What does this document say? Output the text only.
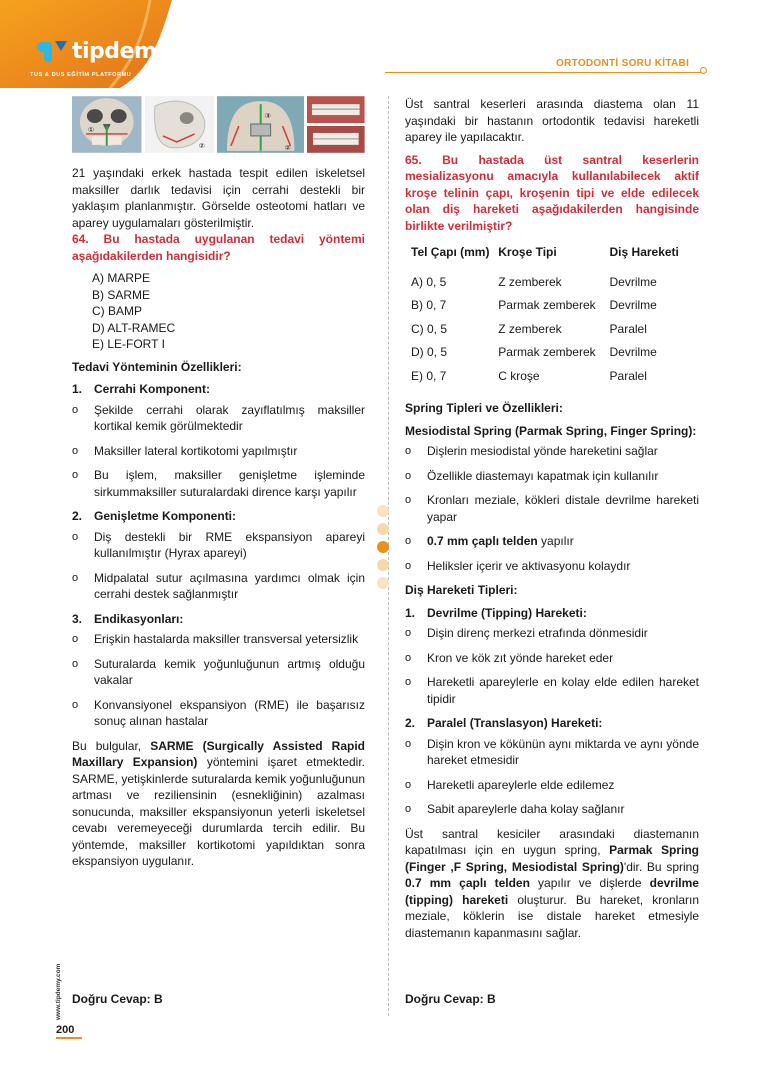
tipdemy
TUS & DUS EĞİTİM PLATFORMU
ORTODONTİ SORU KİTABI
①
②
③
②

21 yaşındaki erkek hastada tespit edilen iskeletsel maksiller darlık tedavisi için cerrahi destekli bir yaklaşım planlanmıştır. Görselde osteotomi hatları ve aparey uygulamaları gösterilmiştir.

64. Bu hastada uygulanan tedavi yöntemi aşağıdakilerden hangisidir?

A) MARPE
B) SARME
C) BAMP
D) ALT-RAMEC
E) LE-FORT I
Tedavi Yönteminin Özellikleri:
1. Cerrahi Komponent:
o	Şekilde cerrahi olarak zayıflatılmış maksiller kortikal kemik görülmektedir
o	Maksiller lateral kortikotomi yapılmıştır
o	Bu işlem, maksiller genişletme işleminde sirkummaksiller suturalardaki dirence karşı yapılır
2. Genişletme Komponenti:
o	Diş destekli bir RME ekspansiyon apareyi kullanılmıştır (Hyrax apareyi)
o	Midpalatal sutur açılmasına yardımcı olmak için cerrahi destek sağlanmıştır
3. Endikasyonları:
o	Erişkin hastalarda maksiller transversal yetersizlik
o	Suturalarda kemik yoğunluğunun artmış olduğu vakalar
o	Konvansiyonel ekspansiyon (RME) ile başarısız sonuç alınan hastalar

Bu bulgular, SARME (Surgically Assisted Rapid Maxillary Expansion) yöntemini işaret etmektedir. SARME, yetişkinlerde suturalarda kemik yoğunluğunun artması ve reziliensinin (esnekliğinin) azalması sonucunda, maksiller ekspansiyonun yeterli iskeletsel cevabı veremeyeceği durumlarda tercih edilir. Bu yöntemde, maksiller kortikotomi yapıldıktan sonra ekspansiyon uygulanır.

Üst santral keserleri arasında diastema olan 11 yaşındaki bir hastanın ortodontik tedavisi hareketli aparey ile yapılacaktır.

65. Bu hastada üst santral keserlerin mesializasyonu amacıyla kullanılabilecek aktif kroşe telinin çapı, kroşenin tipi ve elde edilecek olan diş hareketi aşağıdakilerden hangisinde birlikte verilmiştir?

Tel Çapı (mm)	Kroşe Tipi	Diş Hareketi
A) 0, 5	Z zemberek	Devrilme
B) 0, 7	Parmak zemberek	Devrilme
C) 0, 5	Z zemberek	Paralel
D) 0, 5	Parmak zemberek	Devrilme
E) 0, 7	C kroşe	Paralel
Spring Tipleri ve Özellikleri:
Mesiodistal Spring (Parmak Spring, Finger Spring):
o	Dişlerin mesiodistal yönde hareketini sağlar
o	Özellikle diastemayı kapatmak için kullanılır
o	Kronları meziale, kökleri distale devrilme hareketi yapar
o	0.7 mm çaplı telden yapılır
o	Heliksler içerir ve aktivasyonu kolaydır
Diş Hareketi Tipleri:
1. Devrilme (Tipping) Hareketi:
o	Dişin direnç merkezi etrafında dönmesidir
o	Kron ve kök zıt yönde hareket eder
o	Hareketli apareylerle en kolay elde edilen hareket tipidir
2. Paralel (Translasyon) Hareketi:
o	Dişin kron ve kökünün aynı miktarda ve aynı yönde hareket etmesidir
o	Hareketli apareylerle elde edilemez
o	Sabit apareylerle daha kolay sağlanır

Üst santral kesiciler arasındaki diastemanın kapatılması için en uygun spring, Parmak Spring (Finger ,F Spring, Mesiodistal Spring)'dir. Bu spring 0.7 mm çaplı telden yapılır ve dişlerde devrilme (tipping) hareketi oluşturur. Bu hareket, kronların meziale, köklerin ise distale hareket etmesiyle diastemanın kapanmasını sağlar.

Doğru Cevap: B	Doğru Cevap: B
www.tipdemy.com
200
